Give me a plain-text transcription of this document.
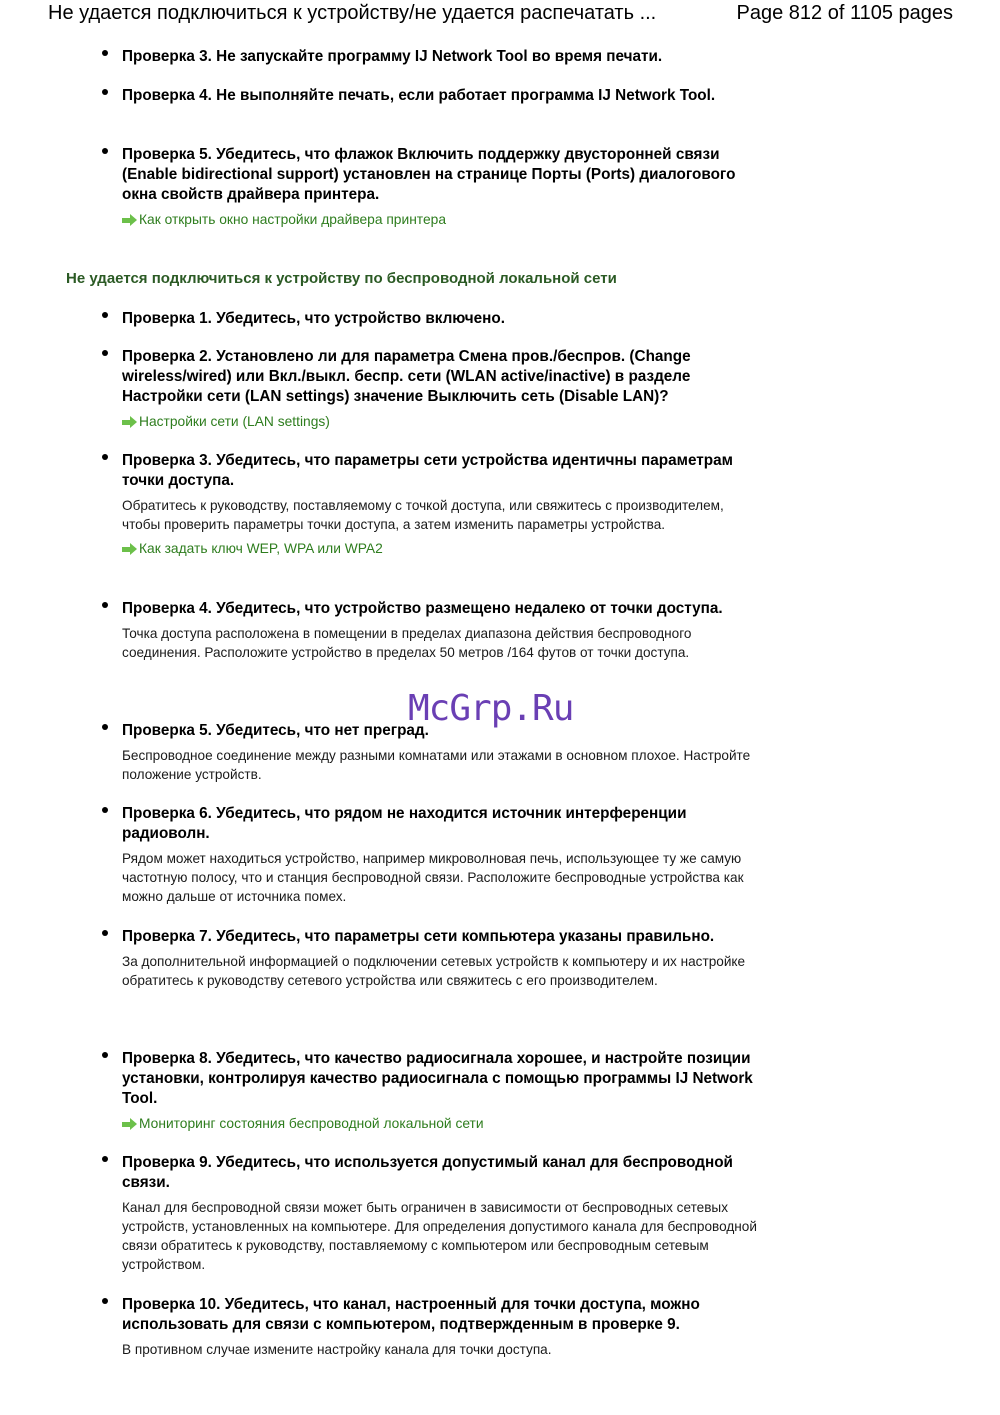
Не удается подключиться к устройству/не удается распечатать ...	Page 812 of 1105 pages
Проверка 3. Не запускайте программу IJ Network Tool во время печати.
Проверка 4. Не выполняйте печать, если работает программа IJ Network Tool.
Проверка 5. Убедитесь, что флажок Включить поддержку двусторонней связи (Enable bidirectional support) установлен на странице Порты (Ports) диалогового окна свойств драйвера принтера.
Как открыть окно настройки драйвера принтера
Не удается подключиться к устройству по беспроводной локальной сети
Проверка 1. Убедитесь, что устройство включено.
Проверка 2. Установлено ли для параметра Смена пров./беспров. (Change wireless/wired) или Вкл./выкл. беспр. сети (WLAN active/inactive) в разделе Настройки сети (LAN settings) значение Выключить сеть (Disable LAN)?
Настройки сети (LAN settings)
Проверка 3. Убедитесь, что параметры сети устройства идентичны параметрам точки доступа.
Обратитесь к руководству, поставляемому с точкой доступа, или свяжитесь с производителем, чтобы проверить параметры точки доступа, а затем изменить параметры устройства.
Как задать ключ WEP, WPA или WPA2
Проверка 4. Убедитесь, что устройство размещено недалеко от точки доступа.
Точка доступа расположена в помещении в пределах диапазона действия беспроводного соединения. Расположите устройство в пределах 50 метров /164 футов от точки доступа.
Проверка 5. Убедитесь, что нет преград.
Беспроводное соединение между разными комнатами или этажами в основном плохое. Настройте положение устройств.
Проверка 6. Убедитесь, что рядом не находится источник интерференции радиоволн.
Рядом может находиться устройство, например микроволновая печь, использующее ту же самую частотную полосу, что и станция беспроводной связи. Расположите беспроводные устройства как можно дальше от источника помех.
Проверка 7. Убедитесь, что параметры сети компьютера указаны правильно.
За дополнительной информацией о подключении сетевых устройств к компьютеру и их настройке обратитесь к руководству сетевого устройства или свяжитесь с его производителем.
Проверка 8. Убедитесь, что качество радиосигнала хорошее, и настройте позиции установки, контролируя качество радиосигнала с помощью программы IJ Network Tool.
Мониторинг состояния беспроводной локальной сети
Проверка 9. Убедитесь, что используется допустимый канал для беспроводной связи.
Канал для беспроводной связи может быть ограничен в зависимости от беспроводных сетевых устройств, установленных на компьютере. Для определения допустимого канала для беспроводной связи обратитесь к руководству, поставляемому с компьютером или беспроводным сетевым устройством.
Проверка 10. Убедитесь, что канал, настроенный для точки доступа, можно использовать для связи с компьютером, подтвержденным в проверке 9.
В противном случае измените настройку канала для точки доступа.
McGrp.Ru
